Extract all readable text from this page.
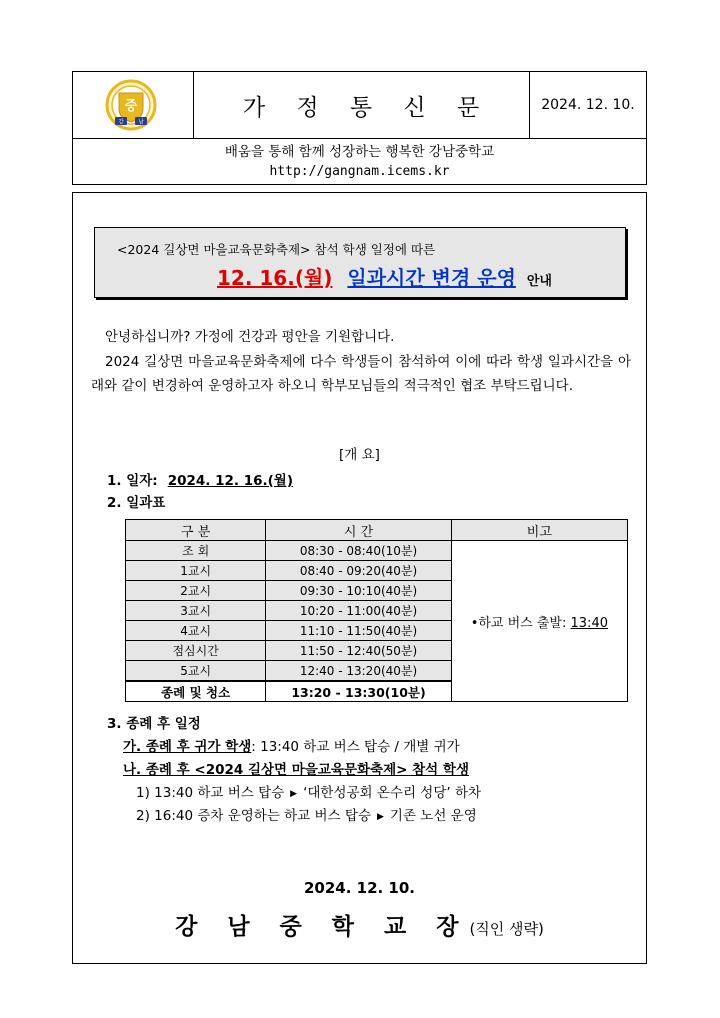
중
강	남
가 정 통 신 문	2024. 12. 10.
배움을 통해 함께 성장하는 행복한 강남중학교
http://gangnam.icems.kr
<2024 길상면 마을교육문화축제> 참석 학생 일정에 따른
12. 16.(월) 일과시간 변경 운영 안내

안녕하십니까? 가정에 건강과 평안을 기원합니다.

2024 길상면 마을교육문화축제에 다수 학생들이 참석하여 이에 따라 학생 일과시간을 아래와 같이 변경하여 운영하고자 하오니 학부모님들의 적극적인 협조 부탁드립니다.

[개 요]
1. 일자: 2024. 12. 16.(월)
2. 일과표
구 분	시 간	비고
조 회	08:30 - 08:40(10분)	•하교 버스 출발: 13:40
1교시	08:40 - 09:20(40분)	
2교시	09:30 - 10:10(40분)	
3교시	10:20 - 11:00(40분)	
4교시	11:10 - 11:50(40분)	
점심시간	11:50 - 12:40(50분)	
5교시	12:40 - 13:20(40분)	
종례 및 청소	13:20 - 13:30(10분)	
3. 종례 후 일정
가. 종례 후 귀가 학생: 13:40 하교 버스 탑승 / 개별 귀가
나. 종례 후 <2024 길상면 마을교육문화축제> 참석 학생
1) 13:40 하교 버스 탑승 ▶ ‘대한성공회 온수리 성당’ 하차
2) 16:40 증차 운영하는 하교 버스 탑승 ▶ 기존 노선 운영
2024. 12. 10.
강 남 중 학 교 장(직인 생략)
